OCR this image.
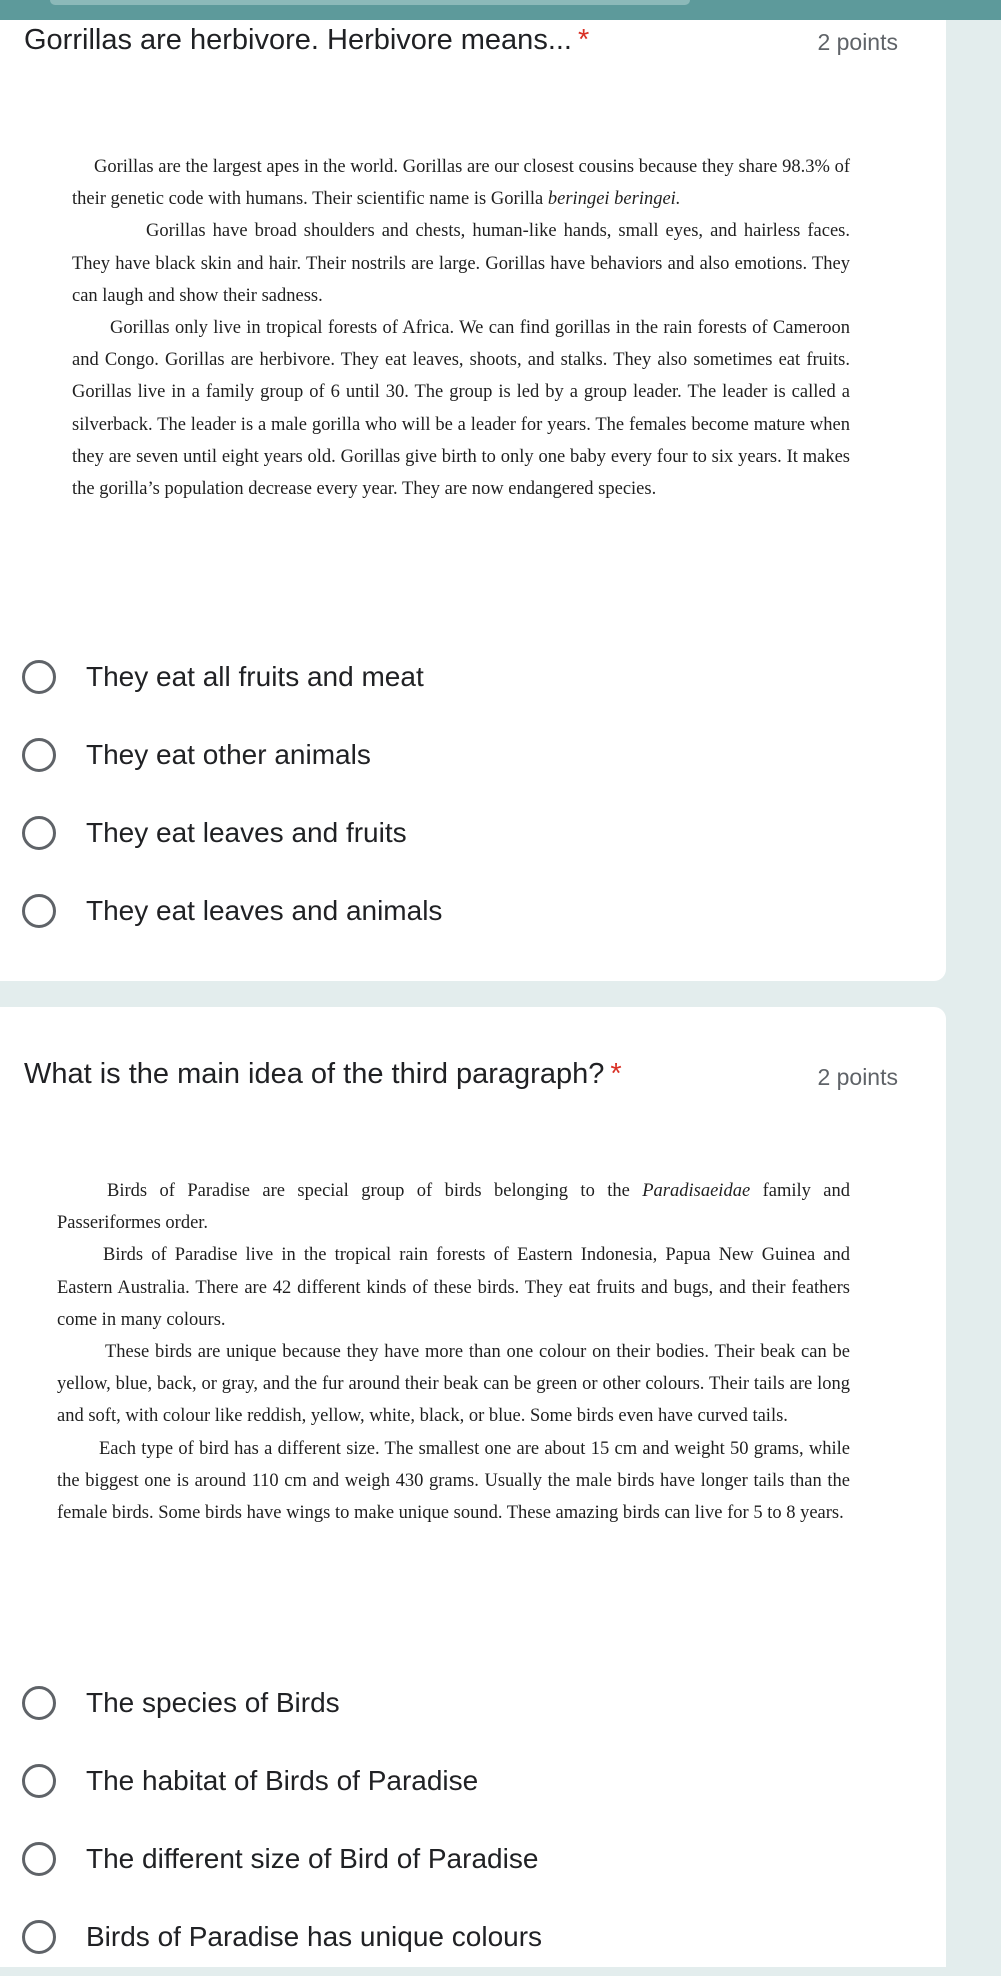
Gorrillas are herbivore. Herbivore means... *	2 points

Gorillas are the largest apes in the world. Gorillas are our closest cousins because they share 98.3% of their genetic code with humans. Their scientific name is Gorilla beringei beringei.

Gorillas have broad shoulders and chests, human-like hands, small eyes, and hairless faces. They have black skin and hair. Their nostrils are large. Gorillas have behaviors and also emotions. They can laugh and show their sadness.

Gorillas only live in tropical forests of Africa. We can find gorillas in the rain forests of Cameroon and Congo. Gorillas are herbivore. They eat leaves, shoots, and stalks. They also sometimes eat fruits. Gorillas live in a family group of 6 until 30. The group is led by a group leader. The leader is called a silverback. The leader is a male gorilla who will be a leader for years. The females become mature when they are seven until eight years old. Gorillas give birth to only one baby every four to six years. It makes the gorilla’s population decrease every year. They are now endangered species.

They eat all fruits and meat
They eat other animals
They eat leaves and fruits
They eat leaves and animals
What is the main idea of the third paragraph? *	2 points

Birds of Paradise are special group of birds belonging to the Paradisaeidae family and Passeriformes order.

Birds of Paradise live in the tropical rain forests of Eastern Indonesia, Papua New Guinea and Eastern Australia. There are 42 different kinds of these birds. They eat fruits and bugs, and their feathers come in many colours.

These birds are unique because they have more than one colour on their bodies. Their beak can be yellow, blue, back, or gray, and the fur around their beak can be green or other colours. Their tails are long and soft, with colour like reddish, yellow, white, black, or blue. Some birds even have curved tails.

Each type of bird has a different size. The smallest one are about 15 cm and weight 50 grams, while the biggest one is around 110 cm and weigh 430 grams. Usually the male birds have longer tails than the female birds. Some birds have wings to make unique sound. These amazing birds can live for 5 to 8 years.

The species of Birds
The habitat of Birds of Paradise
The different size of Bird of Paradise
Birds of Paradise has unique colours
